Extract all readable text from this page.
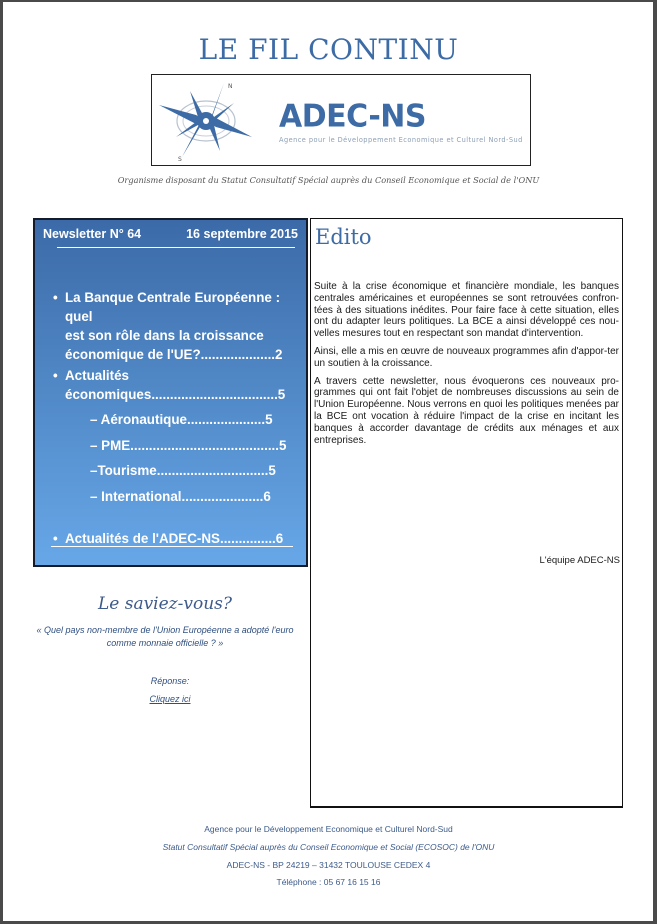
LE FIL CONTINU
N
S
ADEC-NS
Agence pour le Développement Economique et Culturel Nord-Sud
Organisme disposant du Statut Consultatif Spécial auprès du Conseil Economique et Social de l'ONU
Newsletter N° 64	16 septembre 2015
• La Banque Centrale Européenne : quel
est son rôle dans la croissance
économique de l'UE?....................2
• Actualités
économiques..................................5
– Aéronautique.....................5
– PME........................................5
–Tourisme..............................5
– International......................6
• Actualités de l'ADEC-NS...............6
Edito

Suite à la crise économique et financière mondiale, les banques centrales américaines et européennes se sont retrouvées confron-tées à des situations inédites. Pour faire face à cette situation, elles ont du adapter leurs politiques. La BCE a ainsi développé ces nou-velles mesures tout en respectant son mandat d'intervention.

Ainsi, elle a mis en œuvre de nouveaux programmes afin d'appor-ter un soutien à la croissance.

A travers cette newsletter, nous évoquerons ces nouveaux pro-grammes qui ont fait l'objet de nombreuses discussions au sein de l'Union Européenne. Nous verrons en quoi les politiques menées par la BCE ont vocation à réduire l'impact de la crise en incitant les banques à accorder davantage de crédits aux ménages et aux entreprises.

L'équipe ADEC-NS
Le saviez-vous?
« Quel pays non-membre de l'Union Européenne a adopté l'euro
comme monnaie officielle ? »
Réponse:
Cliquez ici
Agence pour le Développement Economique et Culturel Nord-Sud
Statut Consultatif Spécial auprès du Conseil Economique et Social (ECOSOC) de l'ONU
ADEC-NS - BP 24219 – 31432 TOULOUSE CEDEX 4
Téléphone : 05 67 16 15 16
